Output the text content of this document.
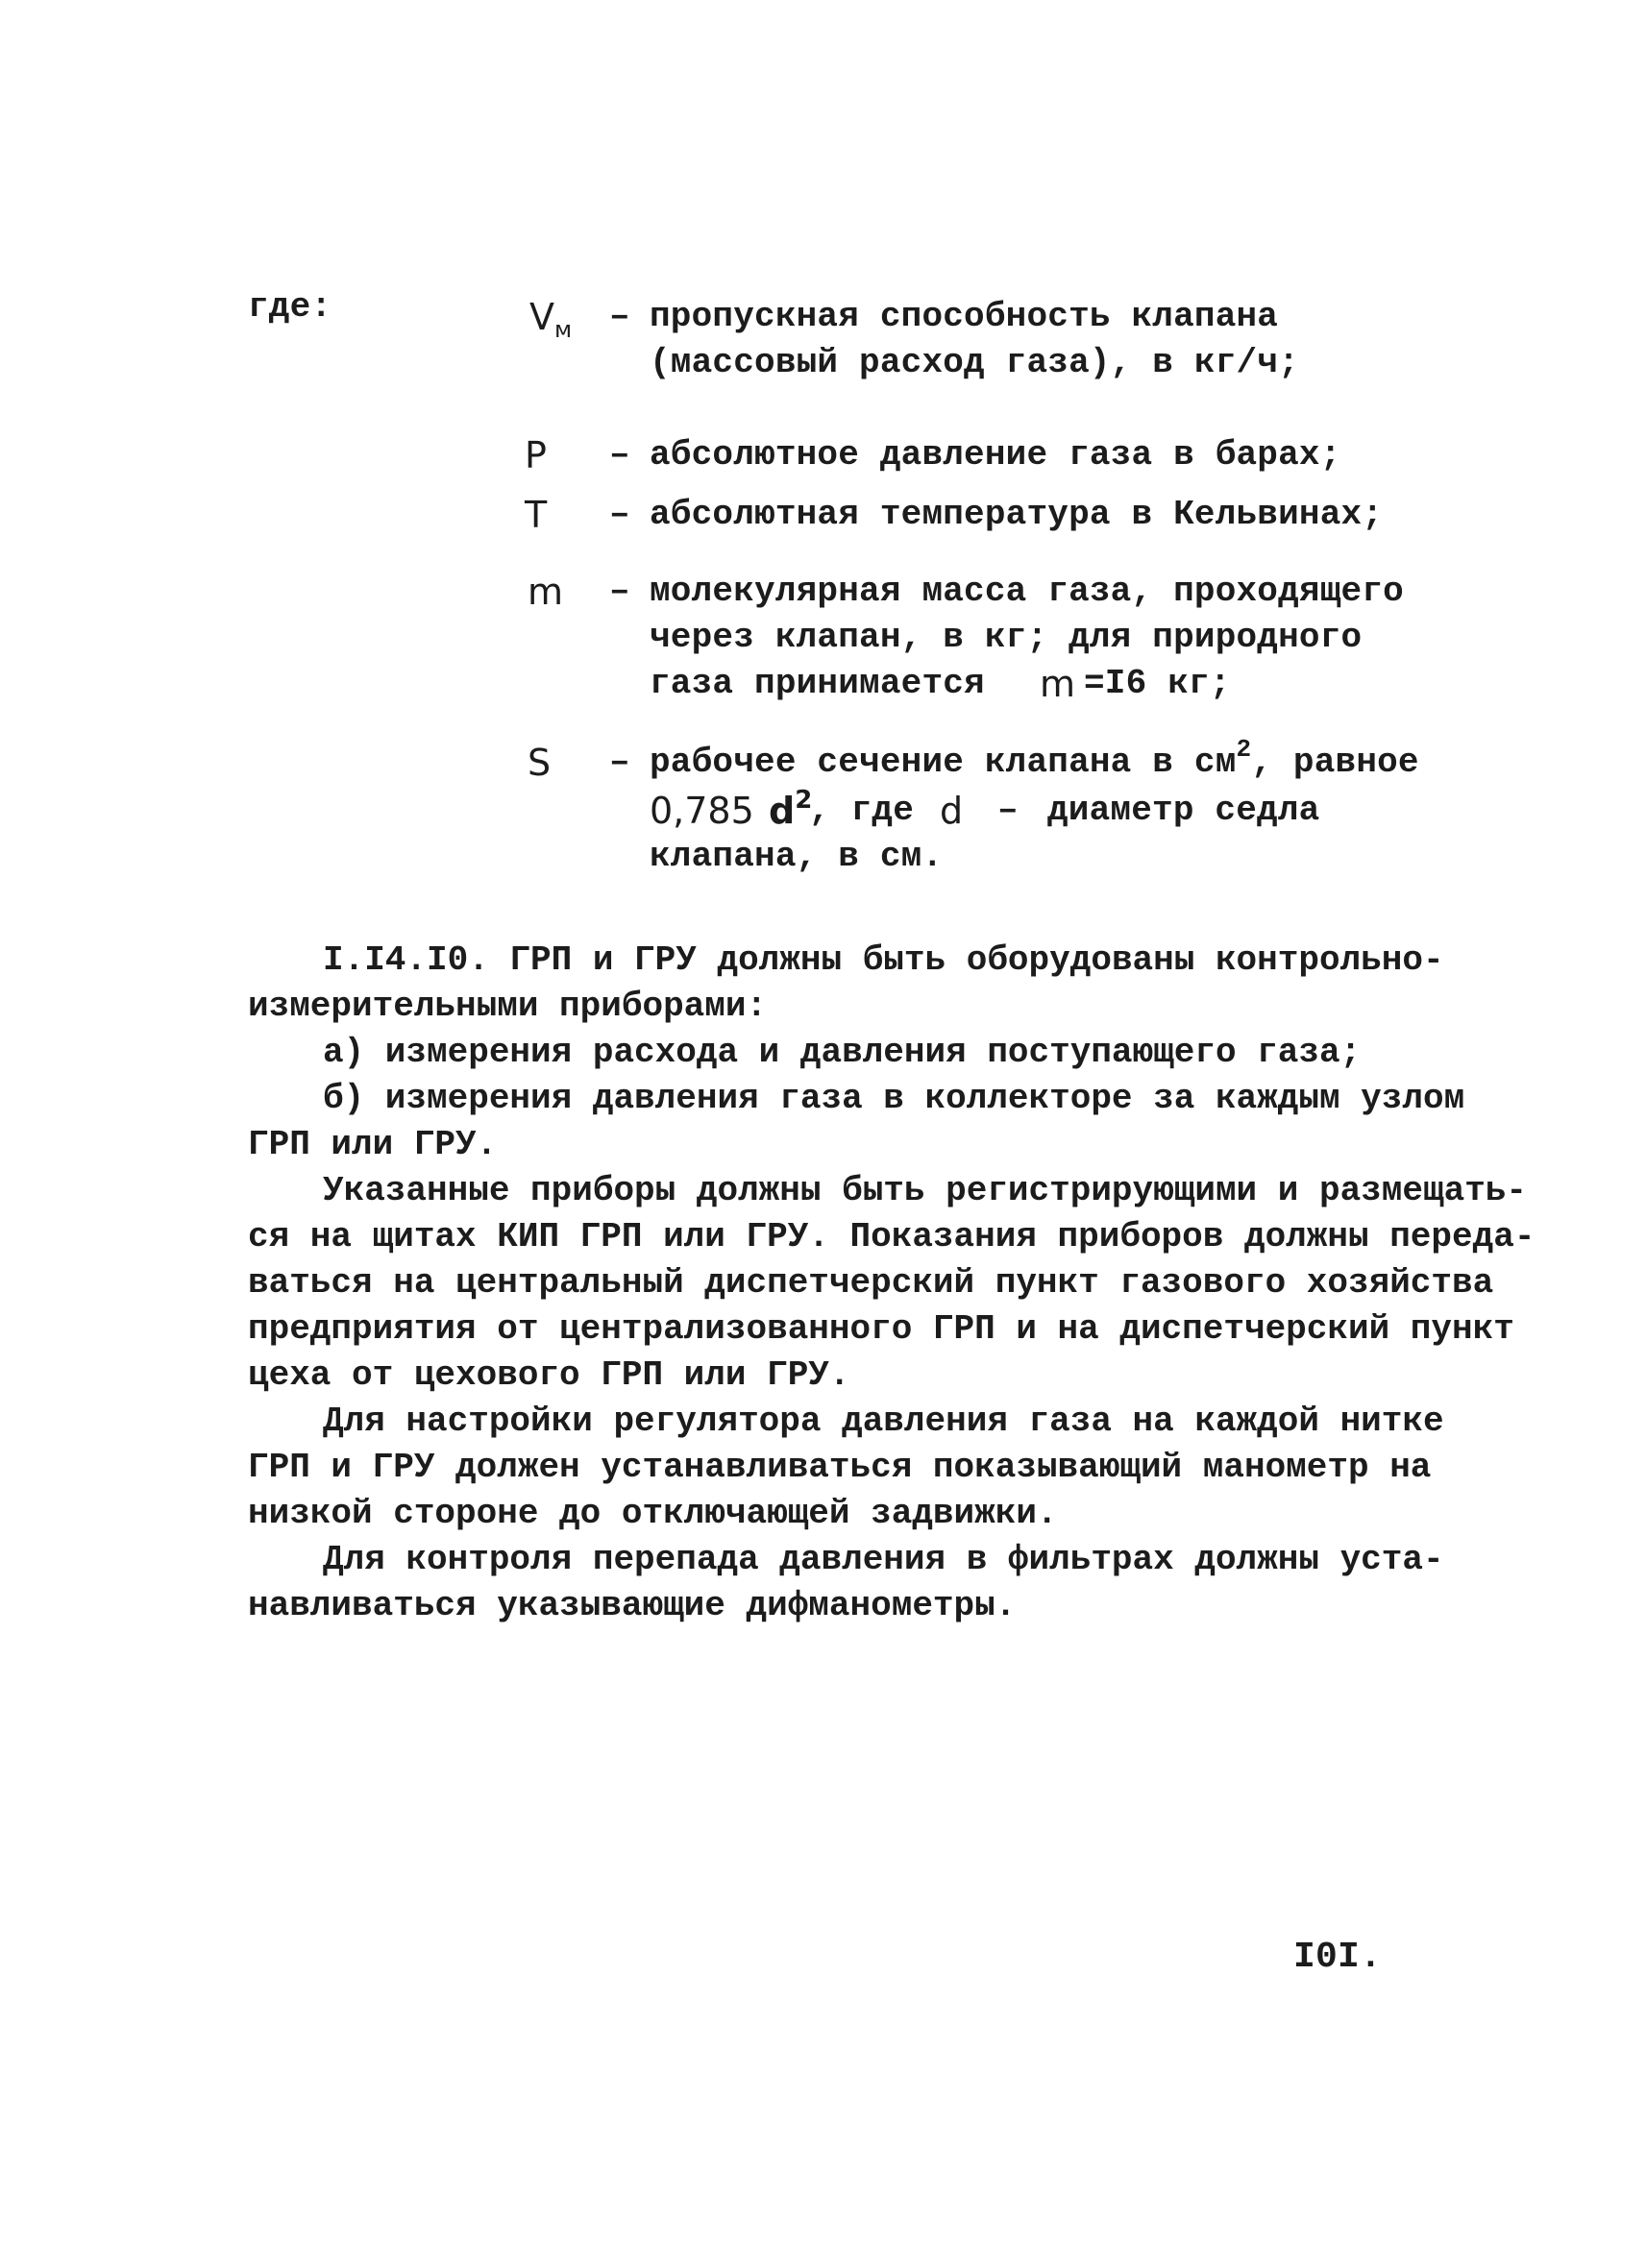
где:	$V_м$ – пропускная способность клапана
(массовый расход газа), в кг/ч;
P – абсолютное давление газа в барах;
T – абсолютная температура в Кельвинах;
m – молекулярная масса газа, проходящего
через клапан, в кг; для природного
газа принимается m =I6 кг;
S – рабочее сечение клапана в $см^2$, равное
0,785 $d^2$
, где d – диаметр седла
клапана, в см.
I.I4.I0. ГРП и ГРУ должны быть оборудованы контрольно-
измерительными приборами:
а) измерения расхода и давления поступающего газа;
б) измерения давления газа в коллекторе за каждым узлом
ГРП или ГРУ.
Указанные приборы должны быть регистрирующими и размещать-
ся на щитах КИП ГРП или ГРУ. Показания приборов должны переда-
ваться на центральный диспетчерский пункт газового хозяйства
предприятия от централизованного ГРП и на диспетчерский пункт
цеха от цехового ГРП или ГРУ.
Для настройки регулятора давления газа на каждой нитке
ГРП и ГРУ должен устанавливаться показывающий манометр на
низкой стороне до отключающей задвижки.
Для контроля перепада давления в фильтрах должны уста-
навливаться указывающие дифманометры.
I0I.
